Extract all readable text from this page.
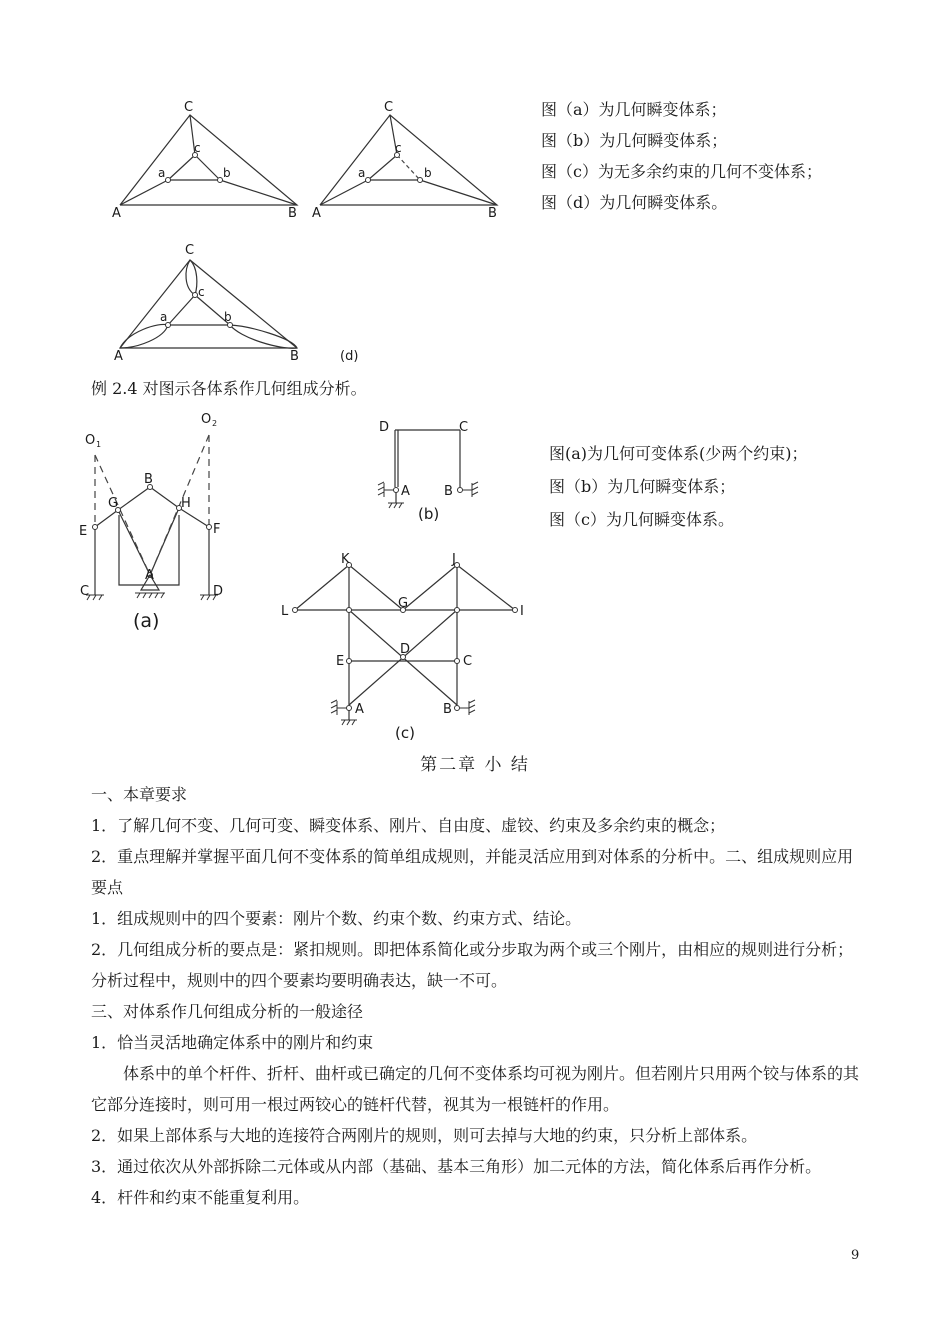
C
c
a	b
A	B
C
c
a	b
A	B
图（a）为几何瞬变体系；
图（b）为几何瞬变体系；
图（c）为无多余约束的几何不变体系；
图（d）为几何瞬变体系。
C
c
a	b
A	B	(d)
例 2.4 对图示各体系作几何组成分析。
O 1
O 2
B
G	H
E	F
A
C	D
(a)
D	C
A	B
(b)
图(a)为几何可变体系(少两个约束)；
图（b）为几何瞬变体系；
图（c）为几何瞬变体系。
K	J
L
G
I
D
E	C
A	B
(c)
第二章 小 结

一、本章要求

1．了解几何不变、几何可变、瞬变体系、刚片、自由度、虚铰、约束及多余约束的概念；

2．重点理解并掌握平面几何不变体系的简单组成规则，并能灵活应用到对体系的分析中。二、组成规则应用要点

1．组成规则中的四个要素：刚片个数、约束个数、约束方式、结论。

2．几何组成分析的要点是：紧扣规则。即把体系简化或分步取为两个或三个刚片，由相应的规则进行分析；分析过程中，规则中的四个要素均要明确表达，缺一不可。

三、对体系作几何组成分析的一般途径

1．恰当灵活地确定体系中的刚片和约束

体系中的单个杆件、折杆、曲杆或已确定的几何不变体系均可视为刚片。但若刚片只用两个铰与体系的其它部分连接时，则可用一根过两铰心的链杆代替，视其为一根链杆的作用。

2．如果上部体系与大地的连接符合两刚片的规则，则可去掉与大地的约束，只分析上部体系。

3．通过依次从外部拆除二元体或从内部（基础、基本三角形）加二元体的方法，简化体系后再作分析。

4．杆件和约束不能重复利用。

9
